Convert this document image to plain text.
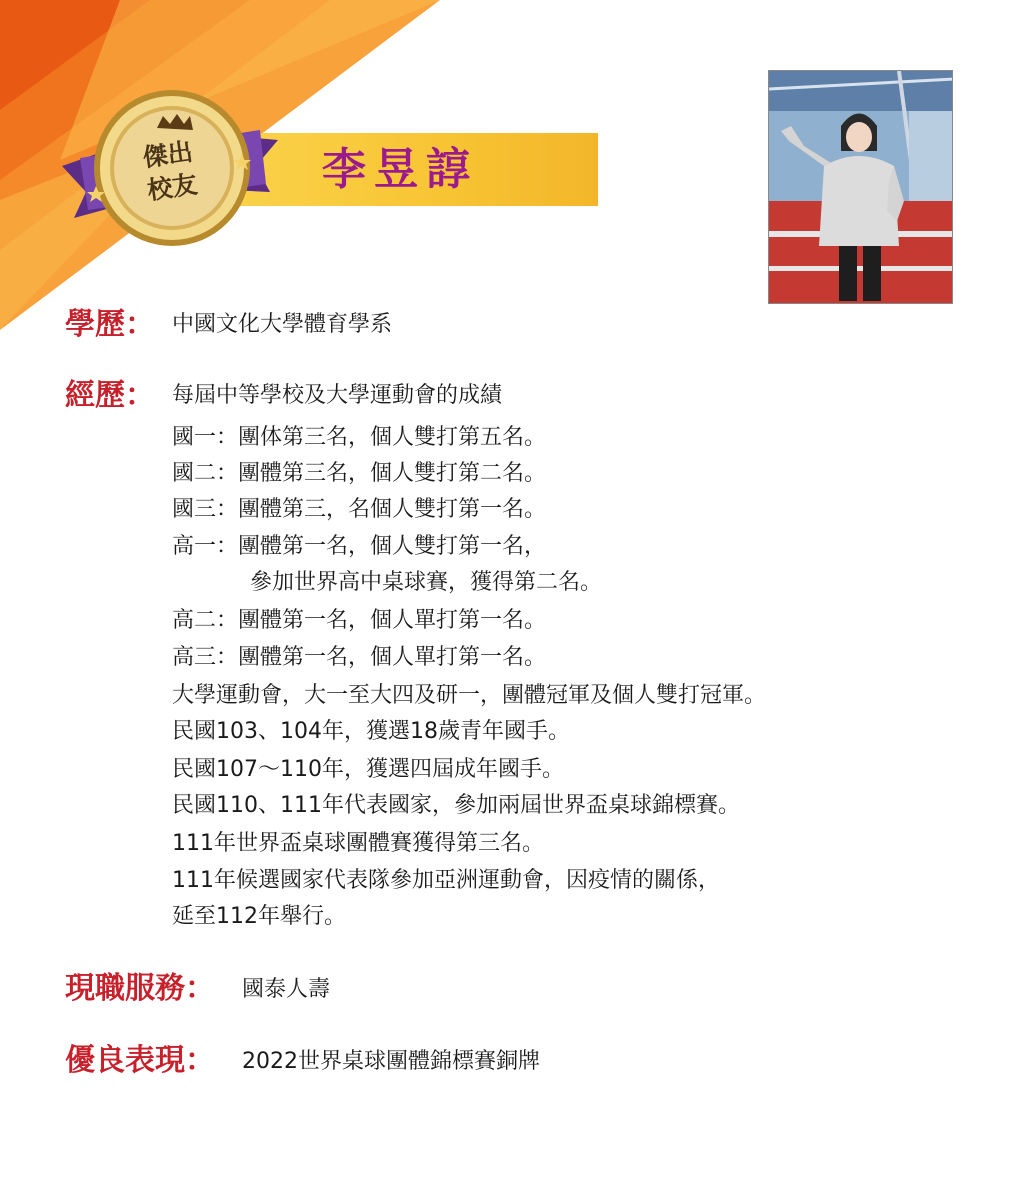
李昱諄
傑出
校友
學歷： 中國文化大學體育學系
經歷： 每屆中等學校及大學運動會的成績
國一：團体第三名，個人雙打第五名。
國二：團體第三名，個人雙打第二名。
國三：團體第三，名個人雙打第一名。
高一：團體第一名，個人雙打第一名，
參加世界高中桌球賽，獲得第二名。
高二：團體第一名，個人單打第一名。
高三：團體第一名，個人單打第一名。
大學運動會，大一至大四及研一，團體冠軍及個人雙打冠軍。
民國103、104年，獲選18歲青年國手。
民國107～110年，獲選四屆成年國手。
民國110、111年代表國家，參加兩屆世界盃桌球錦標賽。
111年世界盃桌球團體賽獲得第三名。
111年候選國家代表隊參加亞洲運動會，因疫情的關係，
延至112年舉行。
現職服務： 國泰人壽
優良表現： 2022世界桌球團體錦標賽銅牌
